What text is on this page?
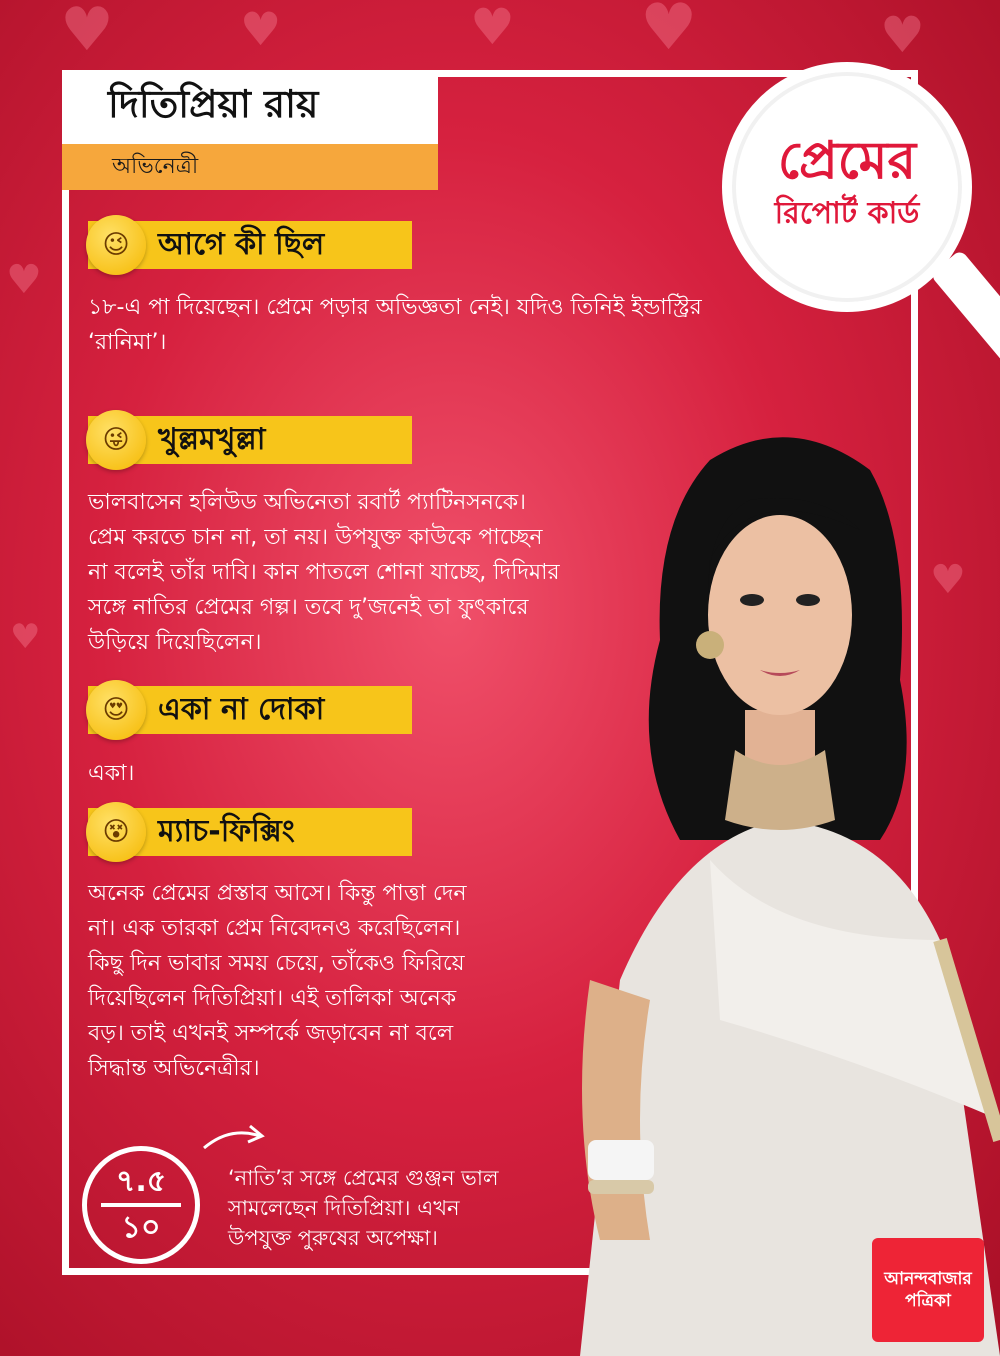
♥	♥	♥ ♥	♥
♥
♥
♥
দিতিপ্রিয়া রায়
অভিনেত্রী	প্রেমের
রিপোর্ট কার্ড
😉 আগে কী ছিল
১৮-এ পা দিয়েছেন। প্রেমে পড়ার অভিজ্ঞতা নেই। যদিও তিনিই ইন্ডাস্ট্রির
‘রানিমা’।
😜 খুল্লমখুল্লা
ভালবাসেন হলিউড অভিনেতা রবার্ট প্যাটিনসনকে।
প্রেম করতে চান না, তা নয়। উপযুক্ত কাউকে পাচ্ছেন
না বলেই তাঁর দাবি। কান পাতলে শোনা যাচ্ছে, দিদিমার
সঙ্গে নাতির প্রেমের গল্প। তবে দু’জনেই তা ফুৎকারে
উড়িয়ে দিয়েছিলেন।
😍 একা না দোকা
একা।
😵 ম্যাচ-ফিক্সিং
অনেক প্রেমের প্রস্তাব আসে। কিন্তু পাত্তা দেন
না। এক তারকা প্রেম নিবেদনও করেছিলেন।
কিছু দিন ভাবার সময় চেয়ে, তাঁকেও ফিরিয়ে
দিয়েছিলেন দিতিপ্রিয়া। এই তালিকা অনেক
বড়। তাই এখনই সম্পর্কে জড়াবেন না বলে
সিদ্ধান্ত অভিনেত্রীর।
৭.৫
১০
‘নাতি’র সঙ্গে প্রেমের গুঞ্জন ভাল
সামলেছেন দিতিপ্রিয়া। এখন
উপযুক্ত পুরুষের অপেক্ষা।
আনন্দবাজার
পত্রিকা
